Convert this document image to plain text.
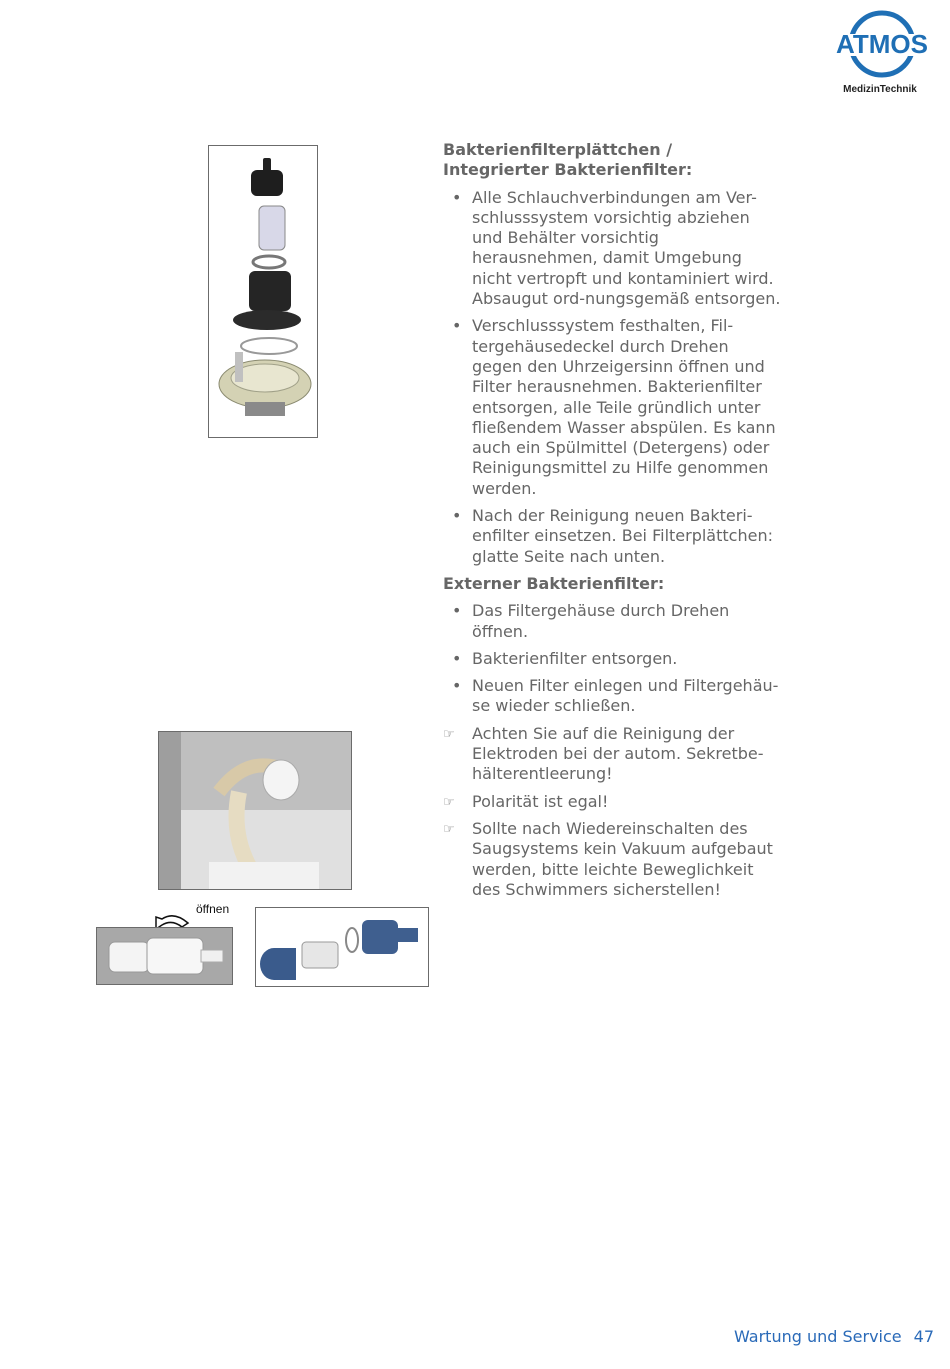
ATMOS
MedizinTechnik

Bakterienfilterplättchen / Integrierter Bakterienfilter:

• Alle Schlauchverbindungen am Ver-schlusssystem vorsichtig abziehen und Behälter vorsichtig herausnehmen, damit Umgebung nicht vertropft und kontaminiert wird. Absaugut ord-nungsgemäß entsorgen.
• Verschlusssystem festhalten, Fil-tergehäusedeckel durch Drehen gegen den Uhrzeigersinn öffnen und Filter herausnehmen. Bakterienfilter entsorgen, alle Teile gründlich unter fließendem Wasser abspülen. Es kann auch ein Spülmittel (Detergens) oder Reinigungsmittel zu Hilfe genommen werden.
• Nach der Reinigung neuen Bakteri-enfilter einsetzen. Bei Filterplättchen: glatte Seite nach unten.

Externer Bakterienfilter:

• Das Filtergehäuse durch Drehen öffnen.
• Bakterienfilter entsorgen.
• Neuen Filter einlegen und Filtergehäu-se wieder schließen.
☞ Achten Sie auf die Reinigung der Elektroden bei der autom. Sekretbe-hälterentleerung!
☞ Polarität ist egal!
☞ Sollte nach Wiedereinschalten des Saugsystems kein Vakuum aufgebaut werden, bitte leichte Beweglichkeit des Schwimmers sicherstellen!
öffnen
Wartung und Service 47
